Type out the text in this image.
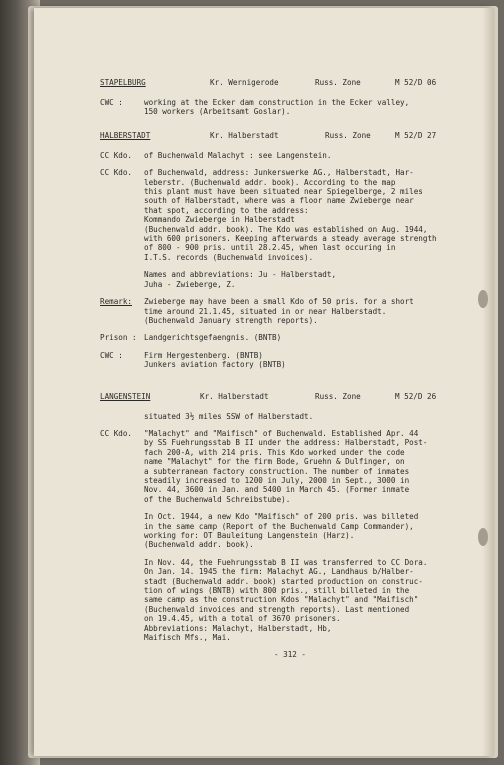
STAPELBURG	Kr. Wernigerode	Russ. Zone	M 52/D 06
CWC :	working at the Ecker dam construction in the Ecker valley,
150 workers (Arbeitsamt Goslar).
HALBERSTADT	Kr. Halberstadt	Russ. Zone	M 52/D 27
CC Kdo.	of Buchenwald Malachyt : see Langenstein.
CC Kdo.	of Buchenwald, address: Junkerswerke AG., Halberstadt, Har-
leberstr. (Buchenwald addr. book). According to the map
this plant must have been situated near Spiegelberge, 2 miles
south of Halberstadt, where was a floor name Zwieberge near
that spot, according to the address:
Kommando Zwieberge in Halberstadt
(Buchenwald addr. book). The Kdo was established on Aug. 1944,
with 600 prisoners. Keeping afterwards a steady average strength
of 800 - 900 pris. until 28.2.45, when last occuring in
I.T.S. records (Buchenwald invoices).
Names and abbreviations: Ju - Halberstadt,
Juha - Zwieberge, Z.
Remark:	Zwieberge may have been a small Kdo of 50 pris. for a short
time around 21.1.45, situated in or near Halberstadt.
(Buchenwald January strength reports).
Prison : Landgerichtsgefaengnis. (BNTB)
CWC :	Firm Hergestenberg. (BNTB)
Junkers aviation factory (BNTB)
LANGENSTEIN	Kr. Halberstadt	Russ. Zone	M 52/D 26
situated 3½ miles SSW of Halberstadt.
CC Kdo.	"Malachyt" and "Maifisch" of Buchenwald. Established Apr. 44
by SS Fuehrungsstab B II under the address: Halberstadt, Post-
fach 200-A, with 214 pris. This Kdo worked under the code
name "Malachyt" for the firm Bode, Gruehn & Dulfinger, on
a subterranean factory construction. The number of inmates
steadily increased to 1200 in July, 2000 in Sept., 3000 in
Nov. 44, 3600 in Jan. and 5400 in March 45. (Former inmate
of the Buchenwald Schreibstube).
In Oct. 1944, a new Kdo "Maifisch" of 200 pris. was billeted
in the same camp (Report of the Buchenwald Camp Commander),
working for: OT Bauleitung Langenstein (Harz).
(Buchenwald addr. book).
In Nov. 44, the Fuehrungsstab B II was transferred to CC Dora.
On Jan. 14. 1945 the firm: Malachyt AG., Landhaus b/Halber-
stadt (Buchenwald addr. book) started production on construc-
tion of wings (BNTB) with 800 pris., still billeted in the
same camp as the construction Kdos "Malachyt" and "Maifisch"
(Buchenwald invoices and strength reports). Last mentioned
on 19.4.45, with a total of 3670 prisoners.
Abbreviations: Malachyt, Halberstadt, Hb,
Maifisch Mfs., Mai.
- 312 -
